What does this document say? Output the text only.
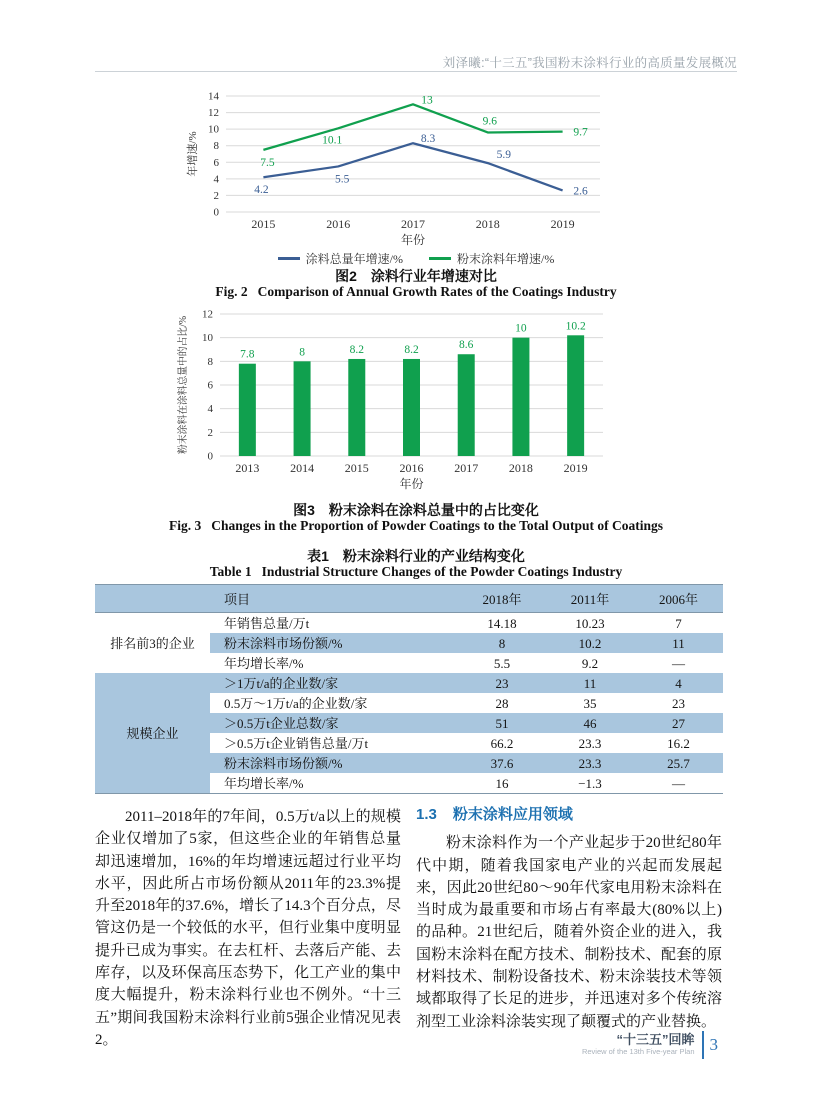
刘泽曦:“十三五”我国粉末涂料行业的高质量发展概况
0
2
4
6
8
10
12
14
2015	2016	2017	2018	2019
年份
年增速/%
4.2
5.5
8.3
5.9
2.6
7.5
10.1
13
9.6
9.7
涂料总量年增速/%	粉末涂料年增速/%
图2 涂料行业年增速对比
Fig. 2 Comparison of Annual Growth Rates of the Coatings Industry
0
2
4
6
8
10
12
2013	2014	2015	2016	2017	2018	2019
年份
粉末涂料在涂料总量中的占比/%	7.8	8	8.2	8.2	8.6
10	10.2
图3 粉末涂料在涂料总量中的占比变化
Fig. 3 Changes in the Proportion of Powder Coatings to the Total Output of Coatings
表1 粉末涂料行业的产业结构变化
Table 1 Industrial Structure Changes of the Powder Coatings Industry
	项目	2018年	2011年	2006年
排名前3的企业	年销售总量/万t	14.18	10.23	7
	粉末涂料市场份额/%	8	10.2	11
	年均增长率/%	5.5	9.2	—
规模企业	＞1万t/a的企业数/家	23	11	4
	0.5万～1万t/a的企业数/家	28	35	23
	＞0.5万t企业总数/家	51	46	27
	＞0.5万t企业销售总量/万t	66.2	23.3	16.2
	粉末涂料市场份额/%	37.6	23.3	25.7
	年均增长率/%	16	−1.3	—

2011–2018年的7年间，0.5万t/a以上的规模企业仅增加了5家，但这些企业的年销售总量却迅速增加，16%的年均增速远超过行业平均水平，因此所占市场份额从2011年的23.3%提升至2018年的37.6%，增长了14.3个百分点，尽管这仍是一个较低的水平，但行业集中度明显提升已成为事实。在去杠杆、去落后产能、去库存，以及环保高压态势下，化工产业的集中度大幅提升，粉末涂料行业也不例外。“十三五”期间我国粉末涂料行业前5强企业情况见表2。

1.3 粉末涂料应用领域

粉末涂料作为一个产业起步于20世纪80年代中期，随着我国家电产业的兴起而发展起来，因此20世纪80～90年代家电用粉末涂料在当时成为最重要和市场占有率最大(80%以上)的品种。21世纪后，随着外资企业的进入，我国粉末涂料在配方技术、制粉技术、配套的原材料技术、制粉设备技术、粉末涂装技术等领域都取得了长足的进步，并迅速对多个传统溶剂型工业涂料涂装实现了颠覆式的产业替换。

“十三五”回眸
Review of the 13th Five-year Plan 3
